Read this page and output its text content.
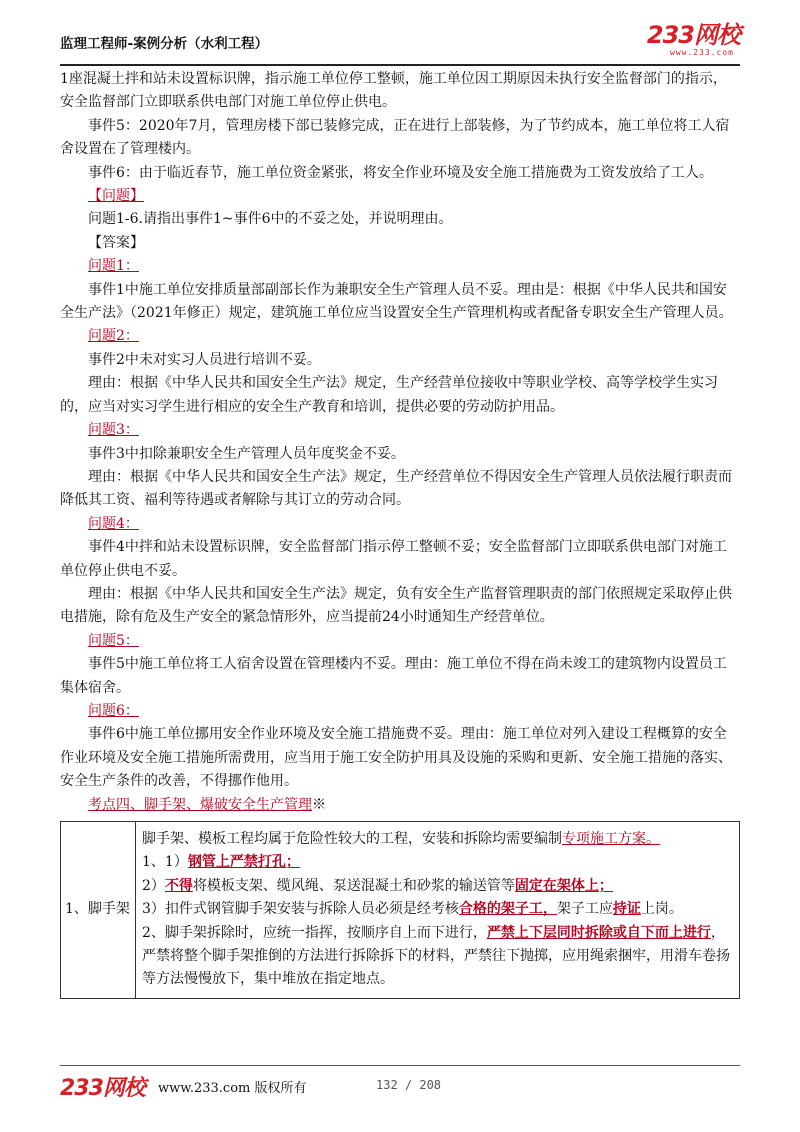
监理工程师-案例分析（水利工程）	233网校
www.233.com

1座混凝土拌和站未设置标识牌，指示施工单位停工整顿，施工单位因工期原因未执行安全监督部门的指示，安全监督部门立即联系供电部门对施工单位停止供电。

事件5：2020年7月，管理房楼下部已装修完成，正在进行上部装修，为了节约成本，施工单位将工人宿舍设置在了管理楼内。

事件6：由于临近春节，施工单位资金紧张，将安全作业环境及安全施工措施费为工资发放给了工人。

【问题】

问题1-6.请指出事件1~事件6中的不妥之处，并说明理由。

【答案】

问题1：

事件1中施工单位安排质量部副部长作为兼职安全生产管理人员不妥。理由是：根据《中华人民共和国安全生产法》（2021年修正）规定，建筑施工单位应当设置安全生产管理机构或者配备专职安全生产管理人员。

问题2：

事件2中未对实习人员进行培训不妥。

理由：根据《中华人民共和国安全生产法》规定，生产经营单位接收中等职业学校、高等学校学生实习的，应当对实习学生进行相应的安全生产教育和培训，提供必要的劳动防护用品。

问题3：

事件3中扣除兼职安全生产管理人员年度奖金不妥。

理由：根据《中华人民共和国安全生产法》规定，生产经营单位不得因安全生产管理人员依法履行职责而降低其工资、福利等待遇或者解除与其订立的劳动合同。

问题4：

事件4中拌和站未设置标识牌，安全监督部门指示停工整顿不妥；安全监督部门立即联系供电部门对施工单位停止供电不妥。

理由：根据《中华人民共和国安全生产法》规定，负有安全生产监督管理职责的部门依照规定采取停止供电措施，除有危及生产安全的紧急情形外，应当提前24小时通知生产经营单位。

问题5：

事件5中施工单位将工人宿舍设置在管理楼内不妥。理由：施工单位不得在尚未竣工的建筑物内设置员工集体宿舍。

问题6：

事件6中施工单位挪用安全作业环境及安全施工措施费不妥。理由：施工单位对列入建设工程概算的安全作业环境及安全施工措施所需费用，应当用于施工安全防护用具及设施的采购和更新、安全施工措施的落实、安全生产条件的改善，不得挪作他用。

考点四、脚手架、爆破安全生产管理※

1、脚手架	

脚手架、模板工程均属于危险性较大的工程，安装和拆除均需要编制专项施工方案。

1、1）钢管上严禁打孔；

2）不得将模板支架、缆风绳、泵送混凝土和砂浆的输送管等固定在架体上；

3）扣件式钢管脚手架安装与拆除人员必须是经考核合格的架子工，架子工应持证上岗。

2、脚手架拆除时，应统一指挥，按顺序自上而下进行，严禁上下层同时拆除或自下而上进行，严禁将整个脚手架推倒的方法进行拆除拆下的材料，严禁往下抛掷，应用绳索捆牢，用滑车卷扬等方法慢慢放下，集中堆放在指定地点。

233网校 www.233.com 版权所有	132 / 208
